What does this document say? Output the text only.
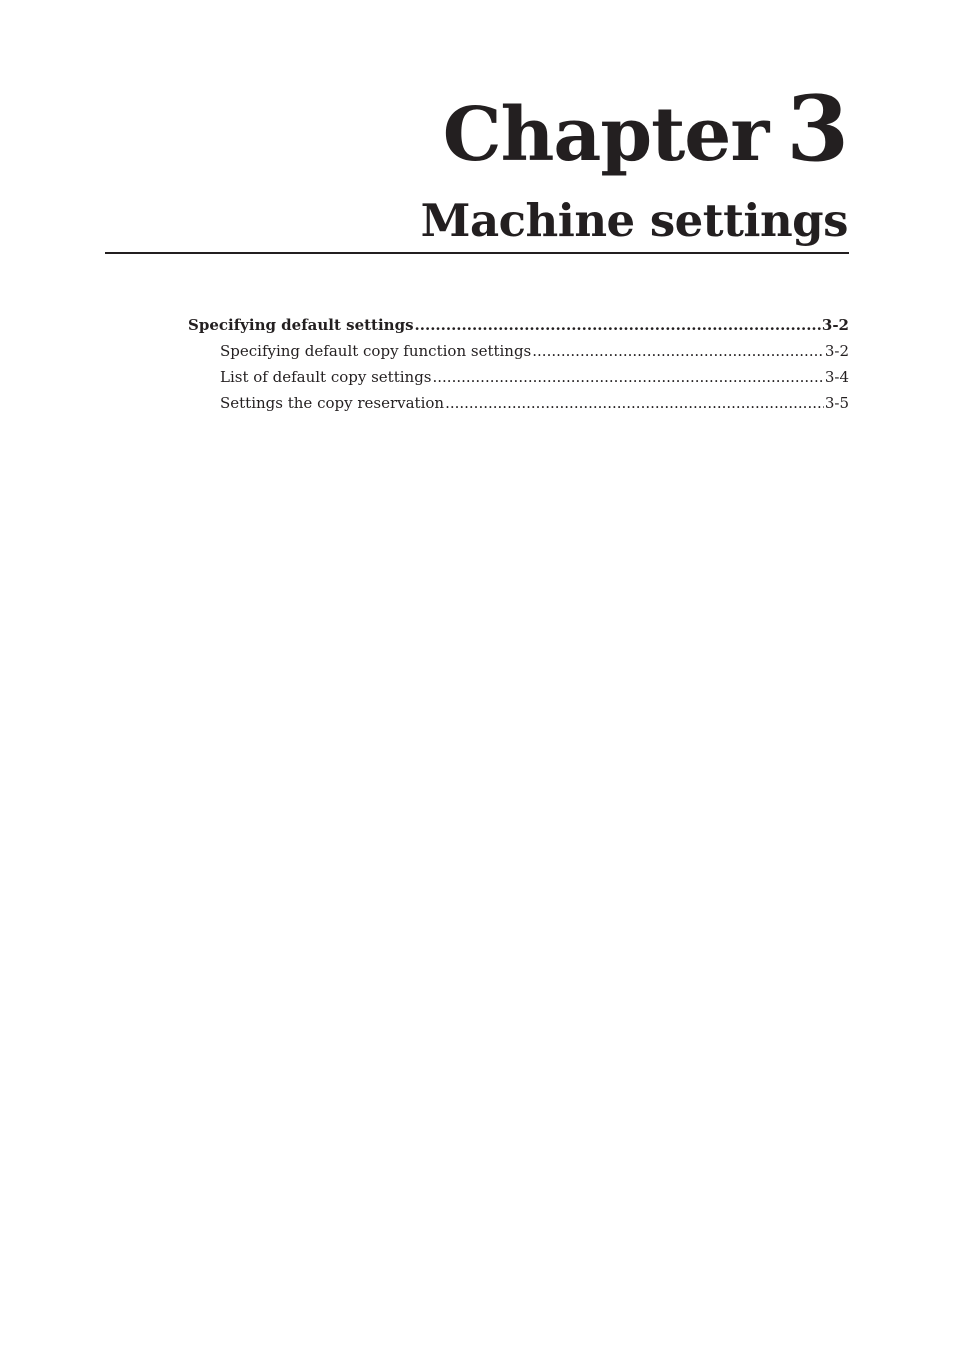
Chapter 3
Machine settings
Specifying default settings .....	3-2
Specifying default copy function settings .....	3-2
List of default copy settings .....	3-4
Settings the copy reservation .....	3-5
